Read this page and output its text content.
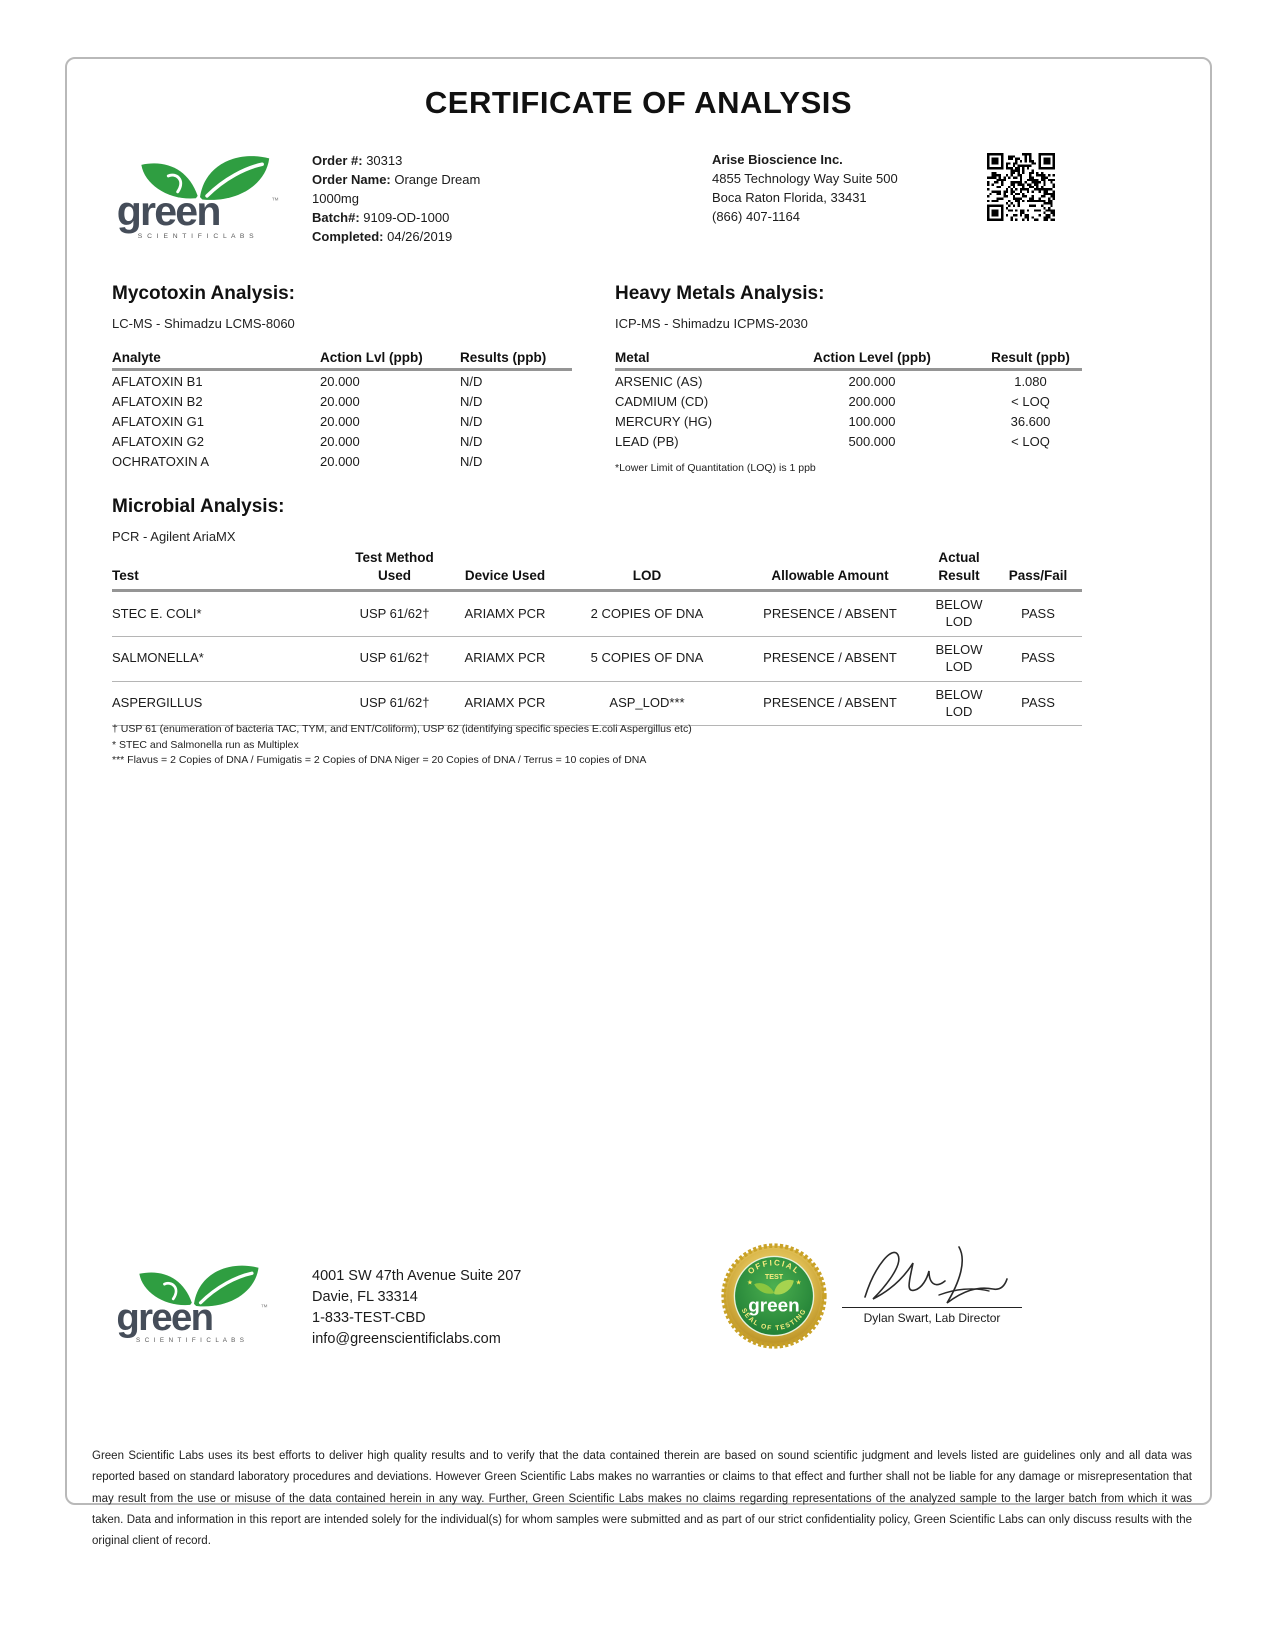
CERTIFICATE OF ANALYSIS
green	™
S C I E N T I F I C L A B S
Order #: 30313
Order Name: Orange Dream
1000mg
Batch#: 9109-OD-1000
Completed: 04/26/2019
Arise Bioscience Inc.
4855 Technology Way Suite 500
Boca Raton Florida, 33431
(866) 407-1164
Mycotoxin Analysis:
LC-MS - Shimadzu LCMS-8060
Analyte	Action Lvl (ppb)	Results (ppb)
AFLATOXIN B1	20.000	N/D
AFLATOXIN B2	20.000	N/D
AFLATOXIN G1	20.000	N/D
AFLATOXIN G2	20.000	N/D
OCHRATOXIN A	20.000	N/D
Heavy Metals Analysis:
ICP-MS - Shimadzu ICPMS-2030
Metal	Action Level (ppb)	Result (ppb)
ARSENIC (AS)	200.000	1.080
CADMIUM (CD)	200.000	< LOQ
MERCURY (HG)	100.000	36.600
LEAD (PB)	500.000	< LOQ
*Lower Limit of Quantitation (LOQ) is 1 ppb
Microbial Analysis:
PCR - Agilent AriaMX
Test	Test Method Used	Device Used	LOD	Allowable Amount	Actual Result	Pass/Fail
STEC E. COLI*	USP 61/62†	ARIAMX PCR	2 COPIES OF DNA	PRESENCE / ABSENT	BELOW LOD	PASS
SALMONELLA*	USP 61/62†	ARIAMX PCR	5 COPIES OF DNA	PRESENCE / ABSENT	BELOW LOD	PASS
ASPERGILLUS	USP 61/62†	ARIAMX PCR	ASP_LOD***	PRESENCE / ABSENT	BELOW LOD	PASS
† USP 61 (enumeration of bacteria TAC, TYM, and ENT/Coliform), USP 62 (identifying specific species E.coli Aspergillus etc)
* STEC and Salmonella run as Multiplex
*** Flavus = 2 Copies of DNA / Fumigatis = 2 Copies of DNA Niger = 20 Copies of DNA / Terrus = 10 copies of DNA
green	™
S C I E N T I F I C L A B S
4001 SW 47th Avenue Suite 207
Davie, FL 33314
1-833-TEST-CBD
info@greenscientificlabs.com
OFFICIAL
TEST
★	★
green
SEAL OF TESTING	Dylan Swart, Lab Director
Green Scientific Labs uses its best efforts to deliver high quality results and to verify that the data contained therein are based on sound scientific judgment and levels listed are guidelines only and all data was reported based on standard laboratory procedures and deviations. However Green Scientific Labs makes no warranties or claims to that effect and further shall not be liable for any damage or misrepresentation that may result from the use or misuse of the data contained herein in any way. Further, Green Scientific Labs makes no claims regarding representations of the analyzed sample to the larger batch from which it was taken. Data and information in this report are intended solely for the individual(s) for whom samples were submitted and as part of our strict confidentiality policy, Green Scientific Labs can only discuss results with the original client of record.
